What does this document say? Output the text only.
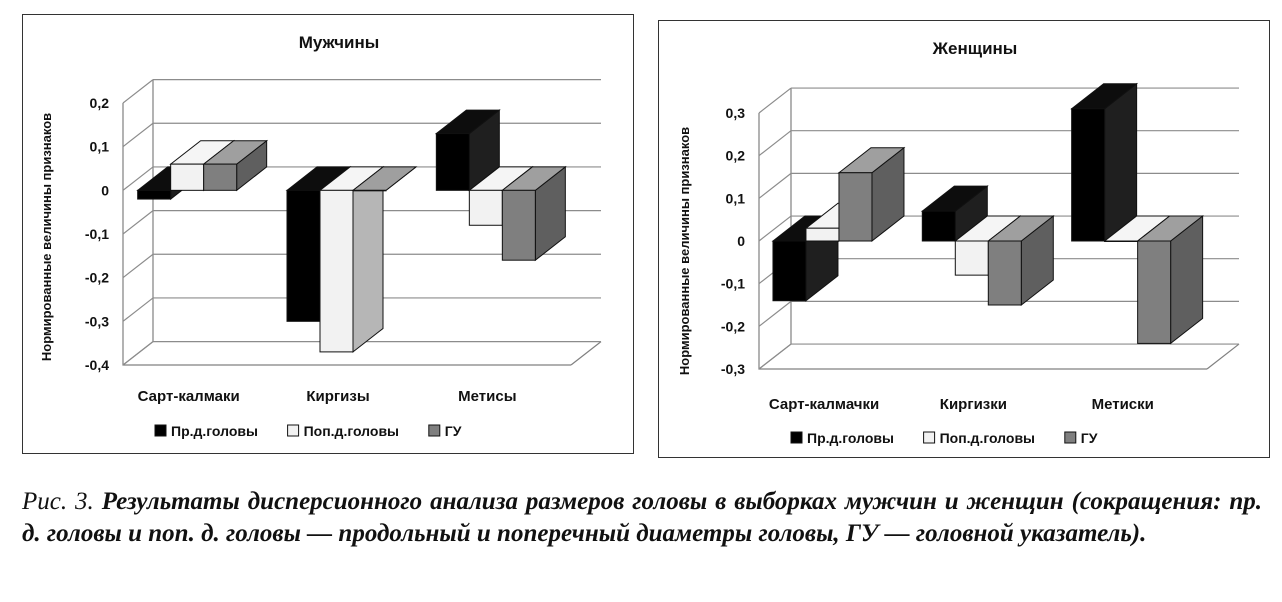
0,2
0,1
0
-0,1
-0,2
-0,3
-0,4
Мужчины
Нормированные величины признаков
Сарт-калмаки	Киргизы	Метисы
Пр.д.головы	Поп.д.головы	ГУ
0,3
0,2
0,1
0
-0,1
-0,2
-0,3
Женщины
Нормированные величины признаков
Сарт-калмачки	Киргизки	Метиски
Пр.д.головы	Поп.д.головы	ГУ
Рис. 3. Результаты дисперсионного анализа размеров головы в выборках мужчин и женщин (сокращения: пр. д. головы и поп. д. головы — продольный и поперечный диаметры головы, ГУ — головной указатель).
